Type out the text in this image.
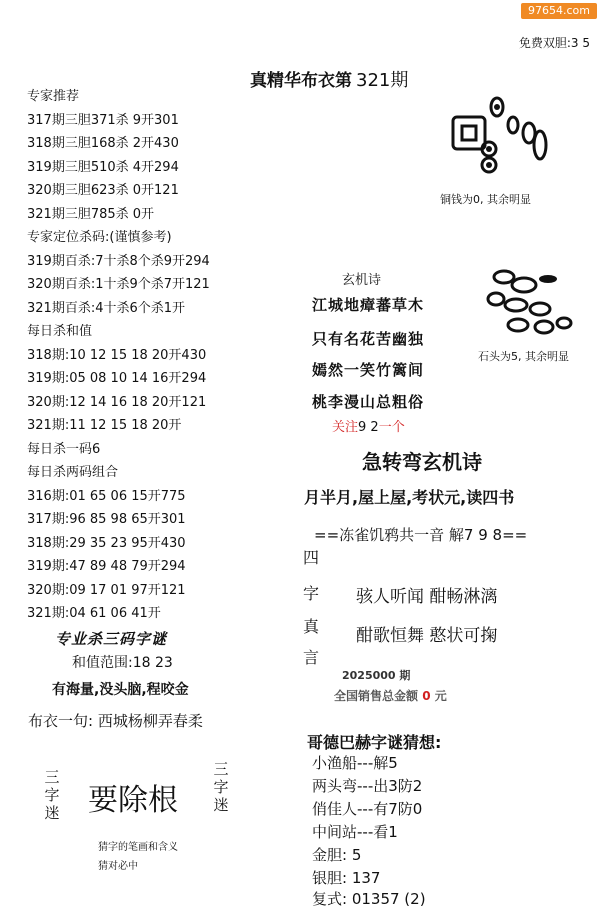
97654.com
免费双胆:3 5
真精华布衣第 321期
专家推荐
317期三胆371杀 9开301
318期三胆168杀 2开430
319期三胆510杀 4开294
320期三胆623杀 0开121
321期三胆785杀 0开
专家定位杀码:(谨慎参考)
319期百杀:7十杀8个杀9开294
320期百杀:1十杀9个杀7开121
321期百杀:4十杀6个杀1开
每日杀和值
318期:10 12 15 18 20开430
319期:05 08 10 14 16开294
320期:12 14 16 18 20开121
321期:11 12 15 18 20开
每日杀一码6
每日杀两码组合
316期:01 65 06 15开775
317期:96 85 98 65开301
318期:29 35 23 95开430
319期:47 89 48 79开294
320期:09 17 01 97开121
321期:04 61 06 41开
专业杀三码字谜
和值范围:18 23
有海量,没头脑,程咬金
布衣一句: 西城杨柳弄春柔
三字迷 要除根
三字迷
猜字的笔画和含义
猜对必中
铜钱为0, 其余明显
石头为5, 其余明显
玄机诗
江城地瘴蕃草木
只有名花苦幽独
嫣然一笑竹篱间
桃李漫山总粗俗
关注9 2一个
急转弯玄机诗
月半月,屋上屋,考状元,读四书
==冻雀饥鸦共一音 解7 9 8==
四
字
真
言
骇人听闻 酣畅淋漓
酣歌恒舞 憨状可掬
2025000 期
全国销售总金额 0 元
哥德巴赫字谜猜想:
小渔船---解5
两头弯---出3防2
俏佳人---有7防0
中间站---看1
金胆: 5
银胆: 137
复式: 01357 (2)
